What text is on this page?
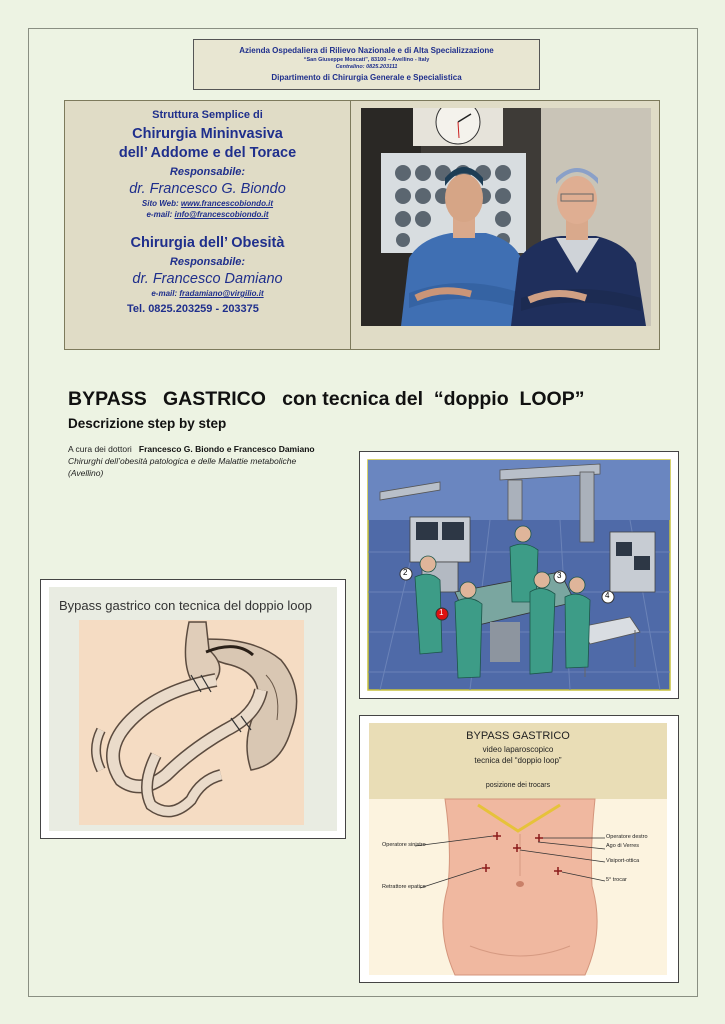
Azienda Ospedaliera di Rilievo Nazionale e di Alta Specializzazione
“San Giuseppe Moscati”, 83100 – Avellino - Italy
Centralino: 0825.203111
Dipartimento di Chirurgia Generale e Specialistica
Struttura Semplice di
Chirurgia Mininvasiva
dell’ Addome e del Torace
Responsabile:
dr. Francesco G. Biondo
Sito Web: www.francescobiondo.it
e-mail: info@francescobiondo.it
Chirurgia dell’ Obesità
Responsabile:
dr. Francesco Damiano
e-mail: fradamiano@virgilio.it
Tel. 0825.203259 - 203375
BYPASS   GASTRICO   con tecnica del  “doppio  LOOP”
Descrizione step by step
A cura dei dottori   Francesco G. Biondo e Francesco Damiano
Chirurghi dell’obesità patologica e delle Malattie metaboliche
(Avellino)
Bypass gastrico con tecnica del doppio loop
2
1
3
4
BYPASS GASTRICO
video laparoscopico
tecnica del “doppio loop”
posizione dei trocars
Operatore sinistro
Retrattore epatico
Operatore destro
Ago di Verres
Visiport-ottica
5° trocar
